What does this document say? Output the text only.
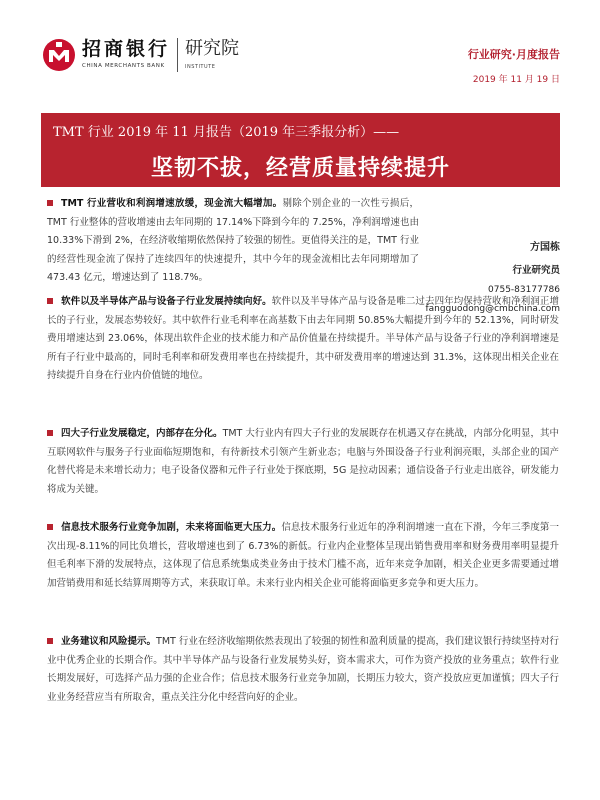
招商银行
CHINA MERCHANTS BANK
研究院
INSTITUTE
行业研究·月度报告
2019 年 11 月 19 日
TMT 行业 2019 年 11 月报告（2019 年三季报分析）——
坚韧不拔，经营质量持续提升
方国栋
行业研究员
0755-83177786
fangguodong@cmbchina.com
TMT 行业营收和利润增速放缓，现金流大幅增加。剔除个别企业的一次性亏损后，TMT 行业整体的营收增速由去年同期的 17.14%下降到今年的 7.25%，净利润增速也由 10.33%下滑到 2%，在经济收缩期依然保持了较强的韧性。更值得关注的是，TMT 行业的经营性现金流了保持了连续四年的快速提升，其中今年的现金流相比去年同期增加了 473.43 亿元，增速达到了 118.7%。
软件以及半导体产品与设备子行业发展持续向好。软件以及半导体产品与设备是唯二过去四年均保持营收和净利润正增长的子行业，发展态势较好。其中软件行业毛利率在高基数下由去年同期 50.85%大幅提升到今年的 52.13%，同时研发费用增速达到 23.06%，体现出软件企业的技术能力和产品价值量在持续提升。半导体产品与设备子行业的净利润增速是所有子行业中最高的，同时毛利率和研发费用率也在持续提升，其中研发费用率的增速达到 31.3%，这体现出相关企业在持续提升自身在行业内价值链的地位。
四大子行业发展稳定，内部存在分化。TMT 大行业内有四大子行业的发展既存在机遇又存在挑战，内部分化明显，其中互联网软件与服务子行业面临短期饱和，有待新技术引领产生新业态；电脑与外围设备子行业利润亮眼，头部企业的国产化替代将是未来增长动力；电子设备仪器和元件子行业处于探底期，5G 是拉动因素；通信设备子行业走出底谷，研发能力将成为关键。
信息技术服务行业竞争加剧，未来将面临更大压力。信息技术服务行业近年的净利润增速一直在下滑，今年三季度第一次出现-8.11%的同比负增长，营收增速也到了 6.73%的新低。行业内企业整体呈现出销售费用率和财务费用率明显提升但毛利率下滑的发展特点，这体现了信息系统集成类业务由于技术门槛不高，近年来竞争加剧，相关企业更多需要通过增加营销费用和延长结算周期等方式，来获取订单。未来行业内相关企业可能将面临更多竞争和更大压力。
业务建议和风险提示。TMT 行业在经济收缩期依然表现出了较强的韧性和盈利质量的提高，我们建议银行持续坚持对行业中优秀企业的长期合作。其中半导体产品与设备行业发展势头好，资本需求大，可作为资产投放的业务重点；软件行业长期发展好，可选择产品力强的企业合作；信息技术服务行业竞争加剧，长期压力较大，资产投放应更加谨慎；四大子行业业务经营应当有所取舍，重点关注分化中经营向好的企业。
